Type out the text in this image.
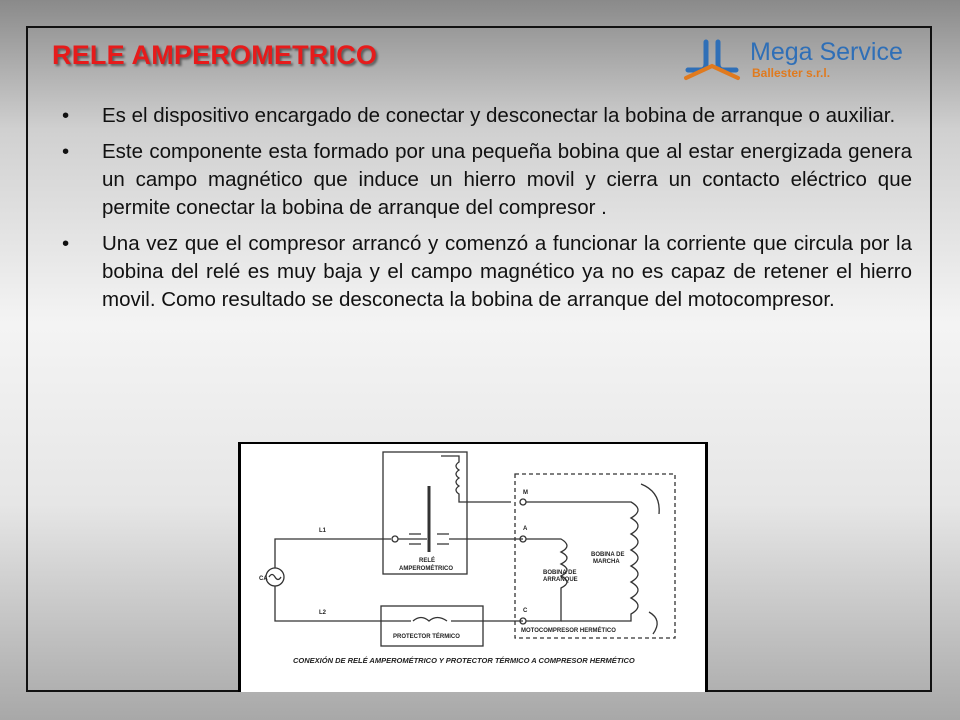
RELE AMPEROMETRICO	Mega Service
Ballester s.r.l.
• Es el dispositivo encargado de conectar y desconectar la bobina de arranque o auxiliar.
• Este componente esta formado por una pequeña bobina que al estar energizada genera un campo magnético que induce un hierro movil y cierra un contacto eléctrico que permite conectar la bobina de arranque del compresor .
• Una vez que el compresor arrancó y comenzó a funcionar la corriente que circula por la bobina del relé es muy baja y el campo magnético ya no es capaz de retener el hierro movil. Como resultado se desconecta la bobina de arranque del motocompresor.
CA
L1
L2
RELÉ
AMPEROMÉTRICO
PROTECTOR TÉRMICO
M
A
C
BOBINA DE
ARRANQUE
BOBINA DE
MARCHA
MOTOCOMPRESOR HERMÉTICO
CONEXIÓN DE RELÉ AMPEROMÉTRICO Y PROTECTOR TÉRMICO A COMPRESOR HERMÉTICO
